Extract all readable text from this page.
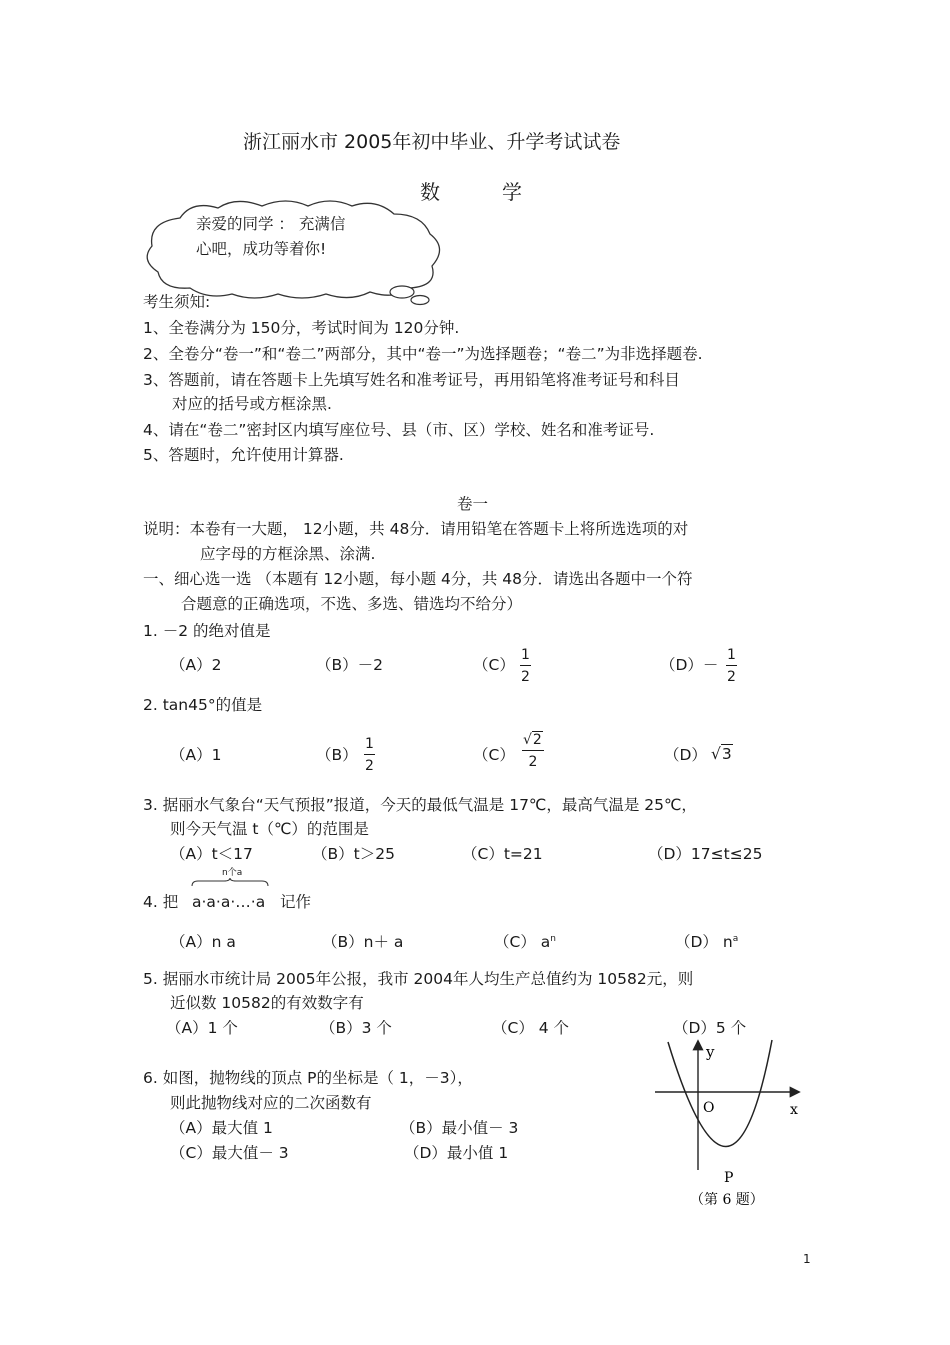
浙江丽水市 2005年初中毕业、升学考试试卷
数学
亲爱的同学 ： 充满信
心吧，成功等着你!
考生须知:
1、全卷满分为 150分，考试时间为 120分钟.
2、全卷分“卷一”和“卷二”两部分，其中“卷一”为选择题卷；“卷二”为非选择题卷.
3、答题前，请在答题卡上先填写姓名和准考证号，再用铅笔将准考证号和科目
对应的括号或方框涂黑.
4、请在“卷二”密封区内填写座位号、县（市、区）学校、姓名和准考证号.
5、答题时，允许使用计算器.
卷一
说明：本卷有一大题， 12小题，共 48分．请用铅笔在答题卡上将所选选项的对
应字母的方框涂黑、涂满.
一、细心选一选 （本题有 12小题，每小题 4分，共 48分．请选出各题中一个符
合题意的正确选项，不选、多选、错选均不给分）
1. －2 的绝对值是
（A）2	（B）－2	$(C) \frac{1}{2}$	$(D)- \frac{1}{2}$
2. tan45°的值是
（A）1	$(B) \frac{1}{2}$	$(C) \frac{√2}{2}$	（D） √3
3. 据丽水气象台“天气预报”报道，今天的最低气温是 17℃，最高气温是 25℃，
则今天气温 t（℃）的范围是
（A）t＜17	（B）t＞25	（C）t=21	（D）17≤t≤25
n个a
4. 把 a·a·a·…·a 记作
（A）n a	（B）n＋ a	（C） $a^n$	（D） $n^a$
5. 据丽水市统计局 2005年公报，我市 2004年人均生产总值约为 10582元，则
近似数 10582的有效数字有
（A）1 个	（B）3 个	（C） 4 个	（D）5 个
6. 如图，抛物线的顶点 P的坐标是（ 1，－3），
则此抛物线对应的二次函数有
（A）最大值 1	（B）最小值－ 3
（C）最大值－ 3	（D）最小值 1
y
x
O
P
（第 6 题）
1
